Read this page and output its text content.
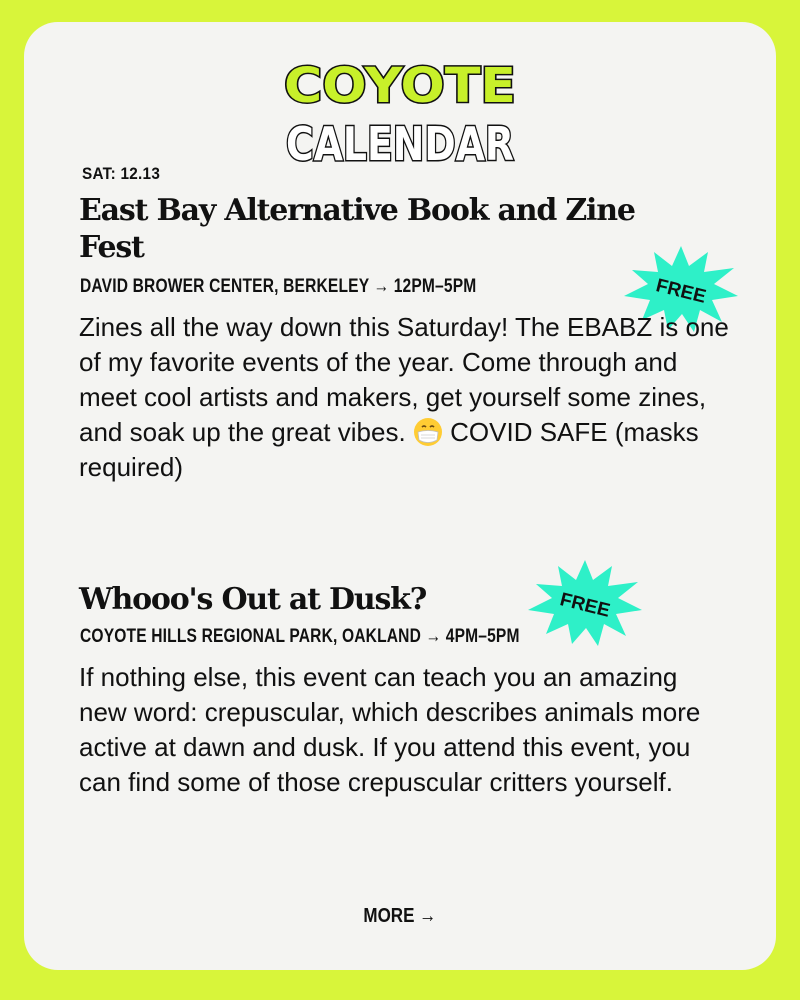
COYOTE
CALENDAR
SAT: 12.13
East Bay Alternative Book and Zine
Fest
DAVID BROWER CENTER, BERKELEY → 12PM–5PM	FREE

Zines all the way down this Saturday! The EBABZ is one of my favorite events of the year. Come through and meet cool artists and makers, get yourself some zines, and soak up the great vibes. COVID SAFE (masks required)

Whooo's Out at Dusk?
COYOTE HILLS REGIONAL PARK, OAKLAND → 4PM–5PM
FREE

If nothing else, this event can teach you an amazing new word: crepuscular, which describes animals more active at dawn and dusk. If you attend this event, you can find some of those crepuscular critters yourself.

MORE →
